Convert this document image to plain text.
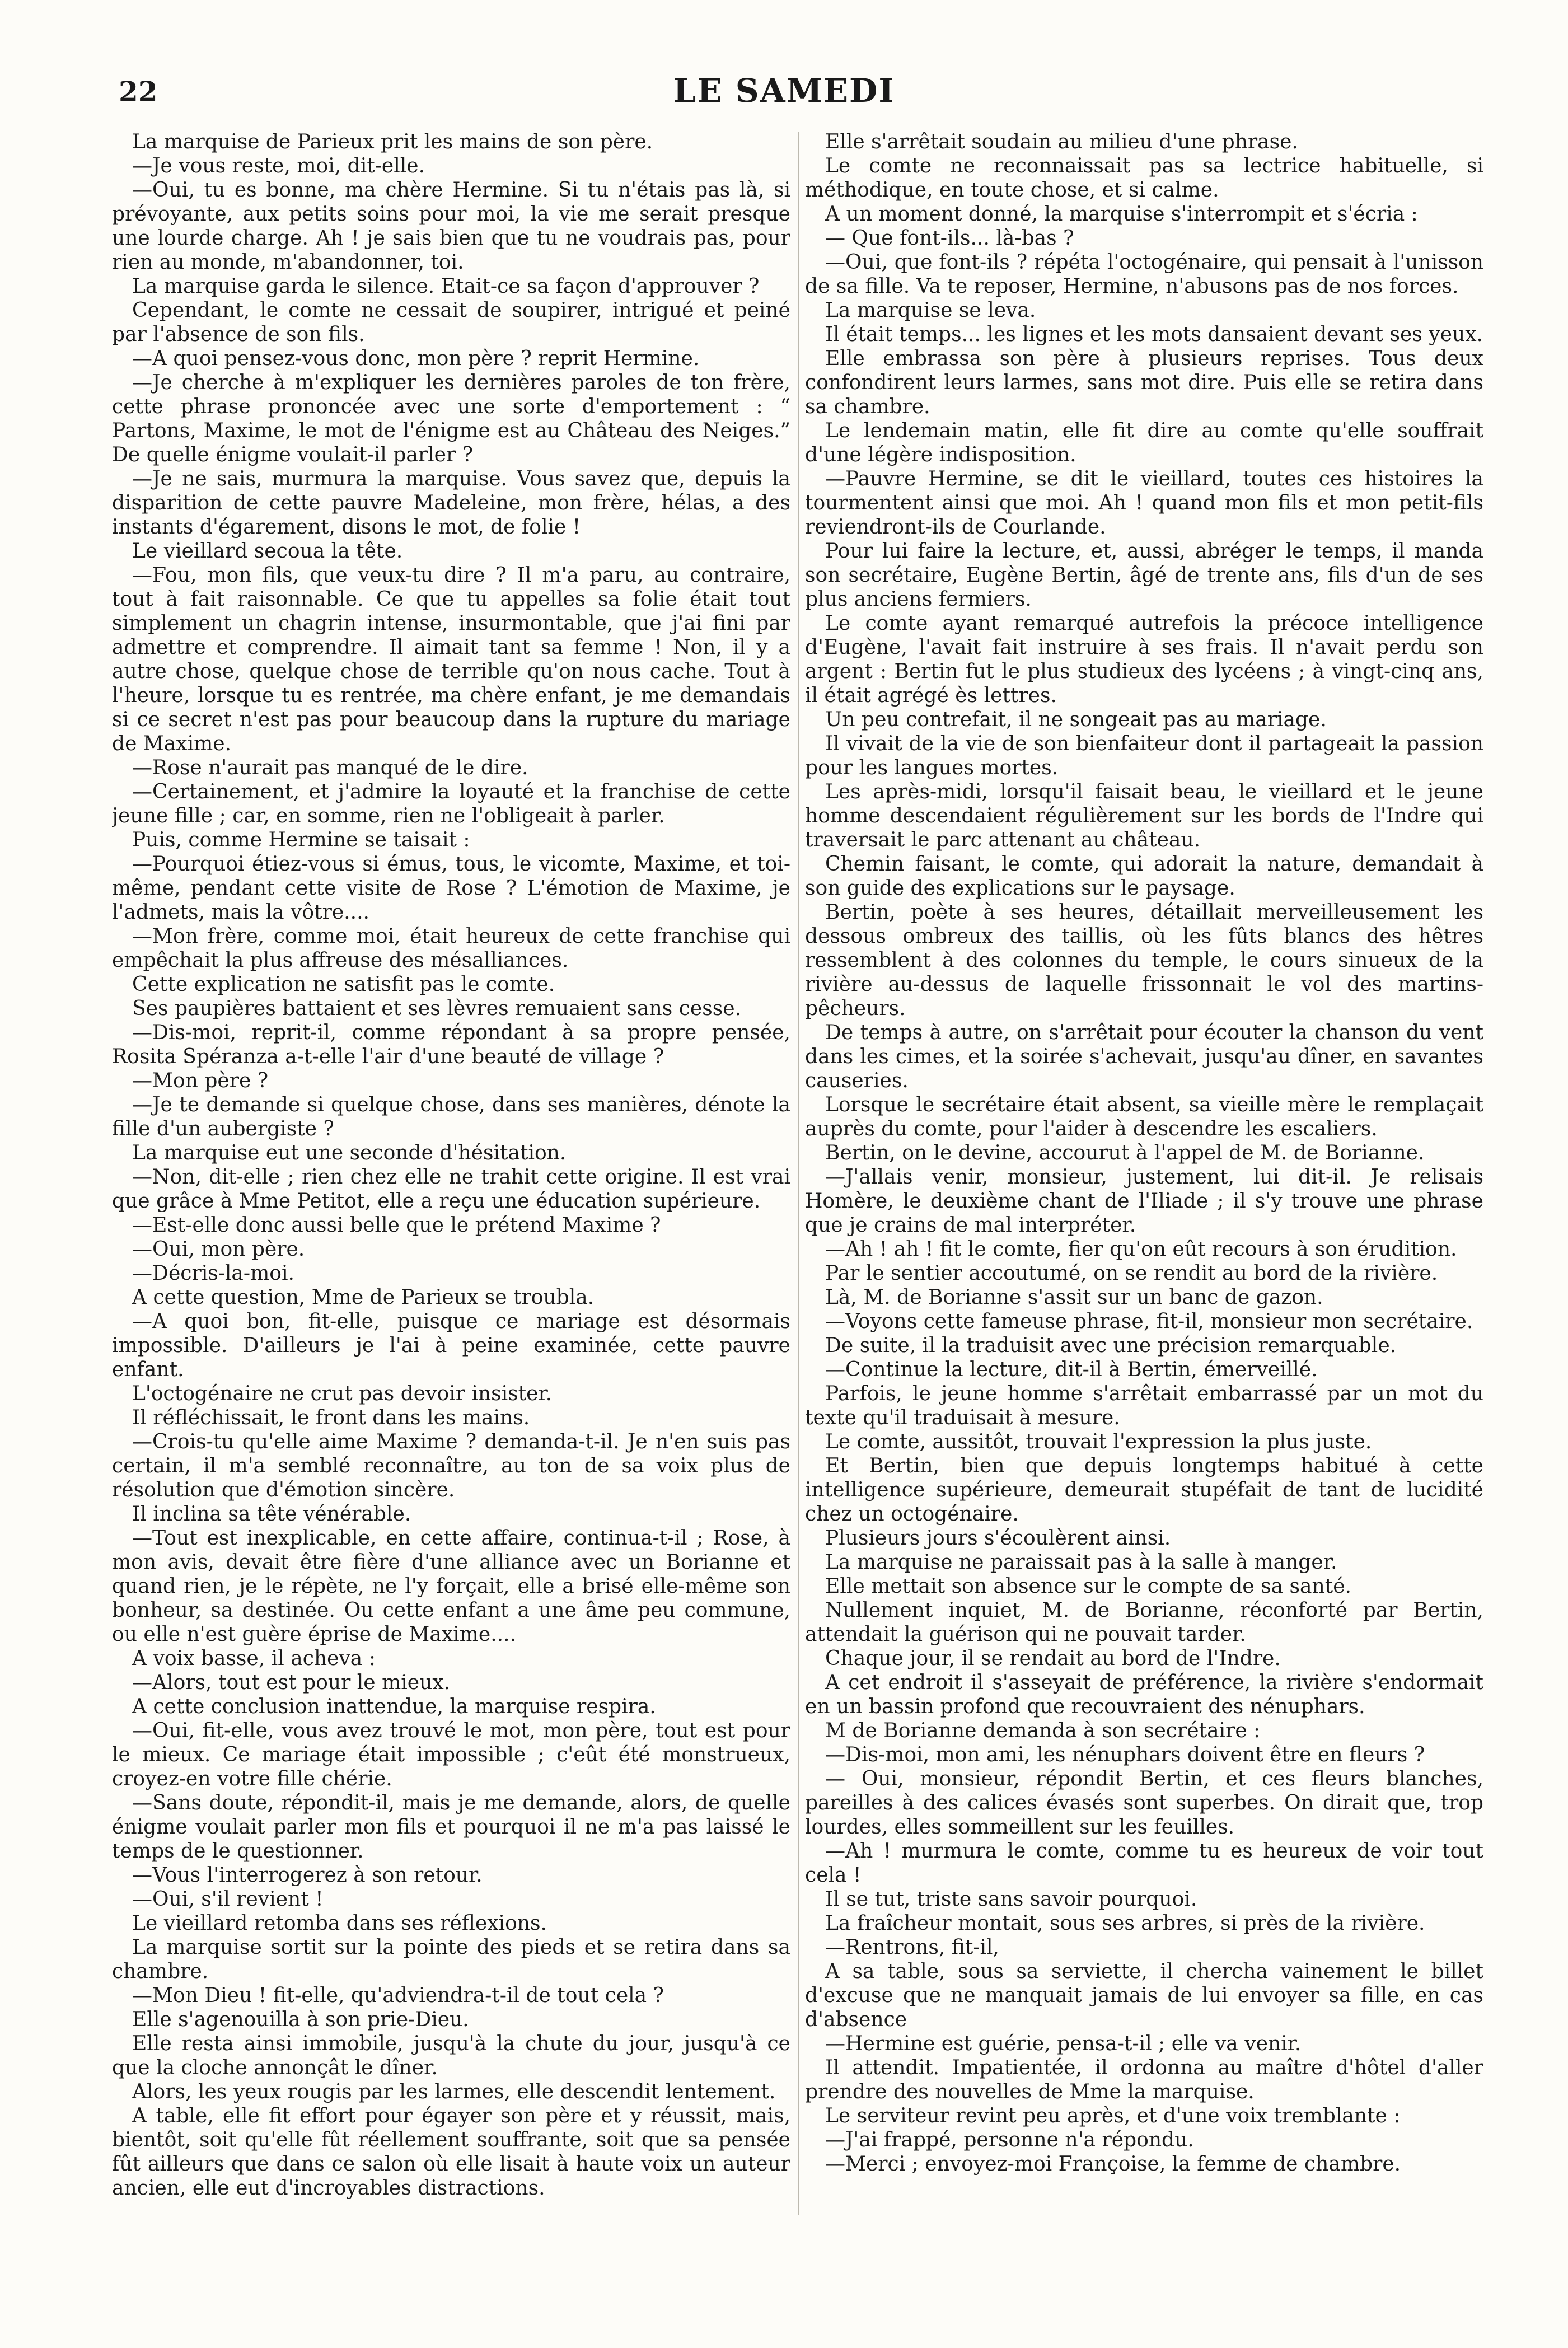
22	LE SAMEDI

La marquise de Parieux prit les mains de son père.

—Je vous reste, moi, dit-elle.

—Oui, tu es bonne, ma chère Hermine. Si tu n'étais pas là, si prévoyante, aux petits soins pour moi, la vie me serait presque une lourde charge. Ah ! je sais bien que tu ne voudrais pas, pour rien au monde, m'abandonner, toi.

La marquise garda le silence. Etait-ce sa façon d'approuver ?

Cependant, le comte ne cessait de soupirer, intrigué et peiné par l'absence de son fils.

—A quoi pensez-vous donc, mon père ? reprit Hermine.

—Je cherche à m'expliquer les dernières paroles de ton frère, cette phrase prononcée avec une sorte d'emportement : “ Partons, Maxime, le mot de l'énigme est au Château des Neiges.” De quelle énigme voulait-il parler ?

—Je ne sais, murmura la marquise. Vous savez que, depuis la disparition de cette pauvre Madeleine, mon frère, hélas, a des instants d'égarement, disons le mot, de folie !

Le vieillard secoua la tête.

—Fou, mon fils, que veux-tu dire ? Il m'a paru, au contraire, tout à fait raisonnable. Ce que tu appelles sa folie était tout simplement un chagrin intense, insurmontable, que j'ai fini par admettre et comprendre. Il aimait tant sa femme ! Non, il y a autre chose, quelque chose de terrible qu'on nous cache. Tout à l'heure, lorsque tu es rentrée, ma chère enfant, je me demandais si ce secret n'est pas pour beaucoup dans la rupture du mariage de Maxime.

—Rose n'aurait pas manqué de le dire.

—Certainement, et j'admire la loyauté et la franchise de cette jeune fille ; car, en somme, rien ne l'obligeait à parler.

Puis, comme Hermine se taisait :

—Pourquoi étiez-vous si émus, tous, le vicomte, Maxime, et toi-même, pendant cette visite de Rose ? L'émotion de Maxime, je l'admets, mais la vôtre....

—Mon frère, comme moi, était heureux de cette franchise qui empêchait la plus affreuse des mésalliances.

Cette explication ne satisfit pas le comte.

Ses paupières battaient et ses lèvres remuaient sans cesse.

—Dis-moi, reprit-il, comme répondant à sa propre pensée, Rosita Spéranza a-t-elle l'air d'une beauté de village ?

—Mon père ?

—Je te demande si quelque chose, dans ses manières, dénote la fille d'un aubergiste ?

La marquise eut une seconde d'hésitation.

—Non, dit-elle ; rien chez elle ne trahit cette origine. Il est vrai que grâce à Mme Petitot, elle a reçu une éducation supérieure.

—Est-elle donc aussi belle que le prétend Maxime ?

—Oui, mon père.

—Décris-la-moi.

A cette question, Mme de Parieux se troubla.

—A quoi bon, fit-elle, puisque ce mariage est désormais impossible. D'ailleurs je l'ai à peine examinée, cette pauvre enfant.

L'octogénaire ne crut pas devoir insister.

Il réfléchissait, le front dans les mains.

—Crois-tu qu'elle aime Maxime ? demanda-t-il. Je n'en suis pas certain, il m'a semblé reconnaître, au ton de sa voix plus de résolution que d'émotion sincère.

Il inclina sa tête vénérable.

—Tout est inexplicable, en cette affaire, continua-t-il ; Rose, à mon avis, devait être fière d'une alliance avec un Borianne et quand rien, je le répète, ne l'y forçait, elle a brisé elle-même son bonheur, sa destinée. Ou cette enfant a une âme peu commune, ou elle n'est guère éprise de Maxime....

A voix basse, il acheva :

—Alors, tout est pour le mieux.

A cette conclusion inattendue, la marquise respira.

—Oui, fit-elle, vous avez trouvé le mot, mon père, tout est pour le mieux. Ce mariage était impossible ; c'eût été monstrueux, croyez-en votre fille chérie.

—Sans doute, répondit-il, mais je me demande, alors, de quelle énigme voulait parler mon fils et pourquoi il ne m'a pas laissé le temps de le questionner.

—Vous l'interrogerez à son retour.

—Oui, s'il revient !

Le vieillard retomba dans ses réflexions.

La marquise sortit sur la pointe des pieds et se retira dans sa chambre.

—Mon Dieu ! fit-elle, qu'adviendra-t-il de tout cela ?

Elle s'agenouilla à son prie-Dieu.

Elle resta ainsi immobile, jusqu'à la chute du jour, jusqu'à ce que la cloche annonçât le dîner.

Alors, les yeux rougis par les larmes, elle descendit lentement.

A table, elle fit effort pour égayer son père et y réussit, mais, bientôt, soit qu'elle fût réellement souffrante, soit que sa pensée fût ailleurs que dans ce salon où elle lisait à haute voix un auteur ancien, elle eut d'incroyables distractions.

Elle s'arrêtait soudain au milieu d'une phrase.

Le comte ne reconnaissait pas sa lectrice habituelle, si méthodique, en toute chose, et si calme.

A un moment donné, la marquise s'interrompit et s'écria :

— Que font-ils... là-bas ?

—Oui, que font-ils ? répéta l'octogénaire, qui pensait à l'unisson de sa fille. Va te reposer, Hermine, n'abusons pas de nos forces.

La marquise se leva.

Il était temps... les lignes et les mots dansaient devant ses yeux.

Elle embrassa son père à plusieurs reprises. Tous deux confondirent leurs larmes, sans mot dire. Puis elle se retira dans sa chambre.

Le lendemain matin, elle fit dire au comte qu'elle souffrait d'une légère indisposition.

—Pauvre Hermine, se dit le vieillard, toutes ces histoires la tourmentent ainsi que moi. Ah ! quand mon fils et mon petit-fils reviendront-ils de Courlande.

Pour lui faire la lecture, et, aussi, abréger le temps, il manda son secrétaire, Eugène Bertin, âgé de trente ans, fils d'un de ses plus anciens fermiers.

Le comte ayant remarqué autrefois la précoce intelligence d'Eugène, l'avait fait instruire à ses frais. Il n'avait perdu son argent : Bertin fut le plus studieux des lycéens ; à vingt-cinq ans, il était agrégé ès lettres.

Un peu contrefait, il ne songeait pas au mariage.

Il vivait de la vie de son bienfaiteur dont il partageait la passion pour les langues mortes.

Les après-midi, lorsqu'il faisait beau, le vieillard et le jeune homme descendaient régulièrement sur les bords de l'Indre qui traversait le parc attenant au château.

Chemin faisant, le comte, qui adorait la nature, demandait à son guide des explications sur le paysage.

Bertin, poète à ses heures, détaillait merveilleusement les dessous ombreux des taillis, où les fûts blancs des hêtres ressemblent à des colonnes du temple, le cours sinueux de la rivière au-dessus de laquelle frissonnait le vol des martins-pêcheurs.

De temps à autre, on s'arrêtait pour écouter la chanson du vent dans les cimes, et la soirée s'achevait, jusqu'au dîner, en savantes causeries.

Lorsque le secrétaire était absent, sa vieille mère le remplaçait auprès du comte, pour l'aider à descendre les escaliers.

Bertin, on le devine, accourut à l'appel de M. de Borianne.

—J'allais venir, monsieur, justement, lui dit-il. Je relisais Homère, le deuxième chant de l'Iliade ; il s'y trouve une phrase que je crains de mal interpréter.

—Ah ! ah ! fit le comte, fier qu'on eût recours à son érudition.

Par le sentier accoutumé, on se rendit au bord de la rivière.

Là, M. de Borianne s'assit sur un banc de gazon.

—Voyons cette fameuse phrase, fit-il, monsieur mon secrétaire.

De suite, il la traduisit avec une précision remarquable.

—Continue la lecture, dit-il à Bertin, émerveillé.

Parfois, le jeune homme s'arrêtait embarrassé par un mot du texte qu'il traduisait à mesure.

Le comte, aussitôt, trouvait l'expression la plus juste.

Et Bertin, bien que depuis longtemps habitué à cette intelligence supérieure, demeurait stupéfait de tant de lucidité chez un octogénaire.

Plusieurs jours s'écoulèrent ainsi.

La marquise ne paraissait pas à la salle à manger.

Elle mettait son absence sur le compte de sa santé.

Nullement inquiet, M. de Borianne, réconforté par Bertin, attendait la guérison qui ne pouvait tarder.

Chaque jour, il se rendait au bord de l'Indre.

A cet endroit il s'asseyait de préférence, la rivière s'endormait en un bassin profond que recouvraient des nénuphars.

M de Borianne demanda à son secrétaire :

—Dis-moi, mon ami, les nénuphars doivent être en fleurs ?

— Oui, monsieur, répondit Bertin, et ces fleurs blanches, pareilles à des calices évasés sont superbes. On dirait que, trop lourdes, elles sommeillent sur les feuilles.

—Ah ! murmura le comte, comme tu es heureux de voir tout cela !

Il se tut, triste sans savoir pourquoi.

La fraîcheur montait, sous ses arbres, si près de la rivière.

—Rentrons, fit-il,

A sa table, sous sa serviette, il chercha vainement le billet d'excuse que ne manquait jamais de lui envoyer sa fille, en cas d'absence

—Hermine est guérie, pensa-t-il ; elle va venir.

Il attendit. Impatientée, il ordonna au maître d'hôtel d'aller prendre des nouvelles de Mme la marquise.

Le serviteur revint peu après, et d'une voix tremblante :

—J'ai frappé, personne n'a répondu.

—Merci ; envoyez-moi Françoise, la femme de chambre.
